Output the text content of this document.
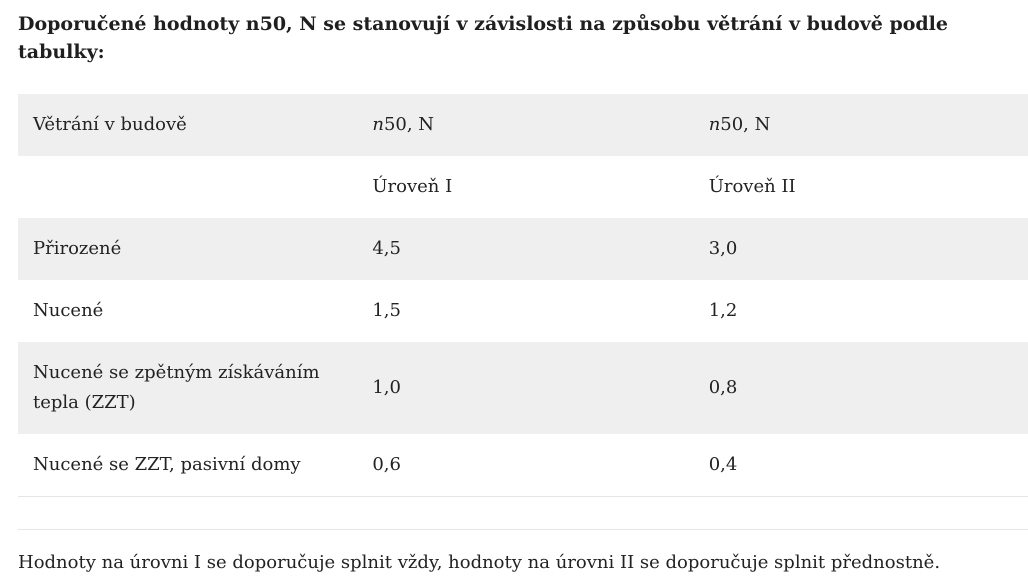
Doporučené hodnoty n50, N se stanovují v závislosti na způsobu větrání v budově podle tabulky:

Větrání v budově	n50, N	n50, N
	Úroveň I	Úroveň II
Přirozené	4,5	3,0
Nucené	1,5	1,2
Nucené se zpětným získáváním tepla (ZZT)	1,0	0,8
Nucené se ZZT, pasivní domy	0,6	0,4

Hodnoty na úrovni I se doporučuje splnit vždy, hodnoty na úrovni II se doporučuje splnit přednostně.
